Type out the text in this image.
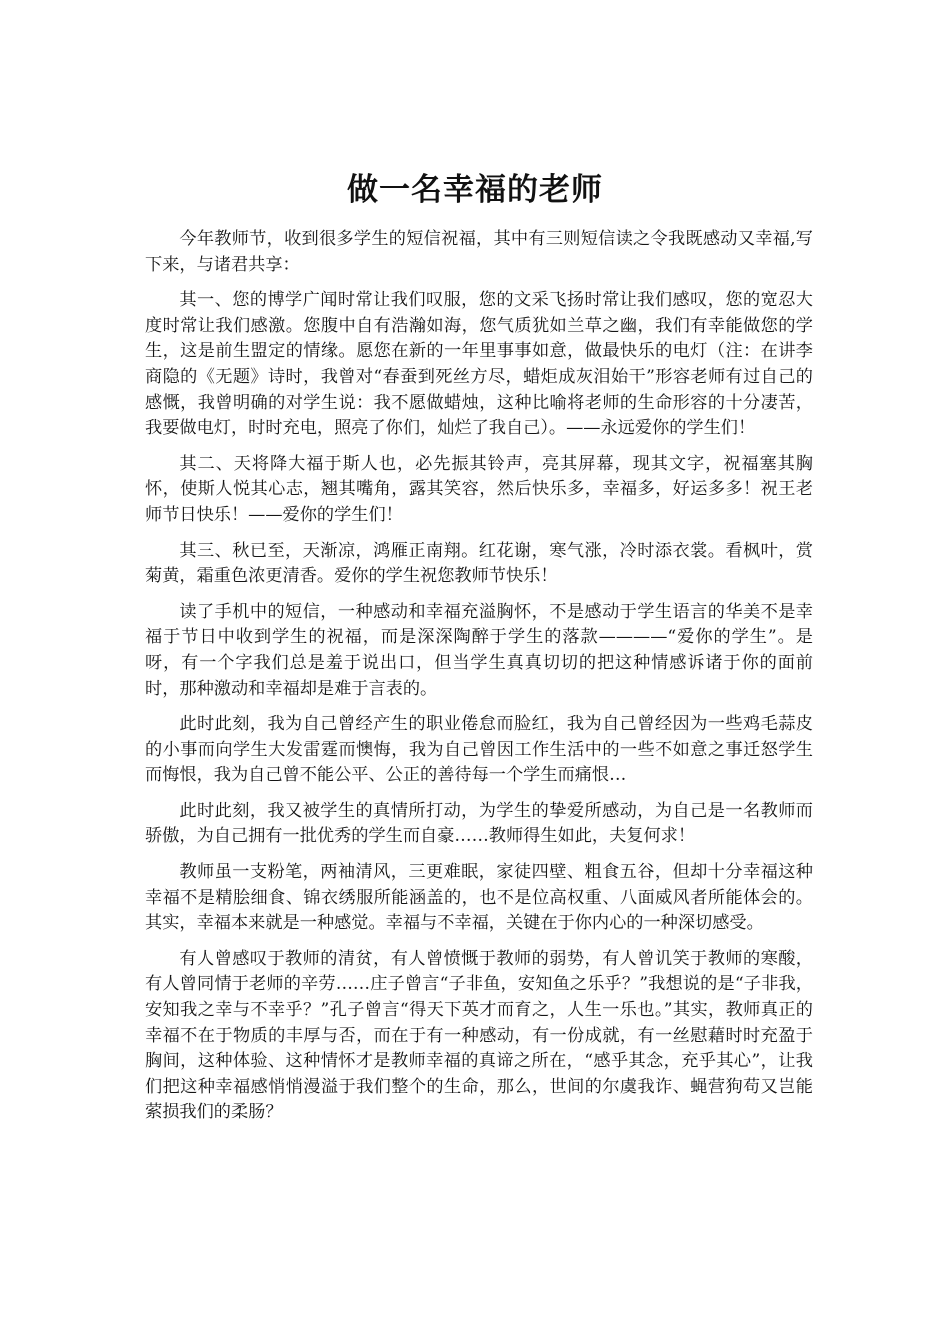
做一名幸福的老师

今年教师节，收到很多学生的短信祝福，其中有三则短信读之令我既感动又幸福,写下来，与诸君共享：

其一、您的博学广闻时常让我们叹服，您的文采飞扬时常让我们感叹，您的宽忍大度时常让我们感激。您腹中自有浩瀚如海，您气质犹如兰草之幽，我们有幸能做您的学生，这是前生盟定的情缘。愿您在新的一年里事事如意，做最快乐的电灯（注：在讲李商隐的《无题》诗时，我曾对“春蚕到死丝方尽，蜡炬成灰泪始干”形容老师有过自己的感慨，我曾明确的对学生说：我不愿做蜡烛，这种比喻将老师的生命形容的十分凄苦，我要做电灯，时时充电，照亮了你们，灿烂了我自己）。——永远爱你的学生们！

其二、天将降大福于斯人也，必先振其铃声，亮其屏幕，现其文字，祝福塞其胸怀，使斯人悦其心志，翘其嘴角，露其笑容，然后快乐多，幸福多，好运多多！祝王老师节日快乐！——爱你的学生们！

其三、秋已至，天渐凉，鸿雁正南翔。红花谢，寒气涨，冷时添衣裳。看枫叶，赏菊黄，霜重色浓更清香。爱你的学生祝您教师节快乐！

读了手机中的短信，一种感动和幸福充溢胸怀，不是感动于学生语言的华美不是幸福于节日中收到学生的祝福，而是深深陶醉于学生的落款————“爱你的学生”。是呀，有一个字我们总是羞于说出口，但当学生真真切切的把这种情感诉诸于你的面前时，那种激动和幸福却是难于言表的。

此时此刻，我为自己曾经产生的职业倦怠而脸红，我为自己曾经因为一些鸡毛蒜皮的小事而向学生大发雷霆而懊悔，我为自己曾因工作生活中的一些不如意之事迁怒学生而悔恨，我为自己曾不能公平、公正的善待每一个学生而痛恨…

此时此刻，我又被学生的真情所打动，为学生的挚爱所感动，为自己是一名教师而骄傲，为自己拥有一批优秀的学生而自豪……教师得生如此，夫复何求！

教师虽一支粉笔，两袖清风，三更难眠，家徒四壁、粗食五谷，但却十分幸福这种幸福不是精脍细食、锦衣绣服所能涵盖的，也不是位高权重、八面威风者所能体会的。其实，幸福本来就是一种感觉。幸福与不幸福，关键在于你内心的一种深切感受。

有人曾感叹于教师的清贫，有人曾愤慨于教师的弱势，有人曾讥笑于教师的寒酸，有人曾同情于老师的辛劳……庄子曾言“子非鱼，安知鱼之乐乎？”我想说的是“子非我，安知我之幸与不幸乎？”孔子曾言“得天下英才而育之，人生一乐也。”其实，教师真正的幸福不在于物质的丰厚与否，而在于有一种感动，有一份成就，有一丝慰藉时时充盈于胸间，这种体验、这种情怀才是教师幸福的真谛之所在，“感乎其念，充乎其心”，让我们把这种幸福感悄悄漫溢于我们整个的生命，那么，世间的尔虞我诈、蝇营狗苟又岂能萦损我们的柔肠？
